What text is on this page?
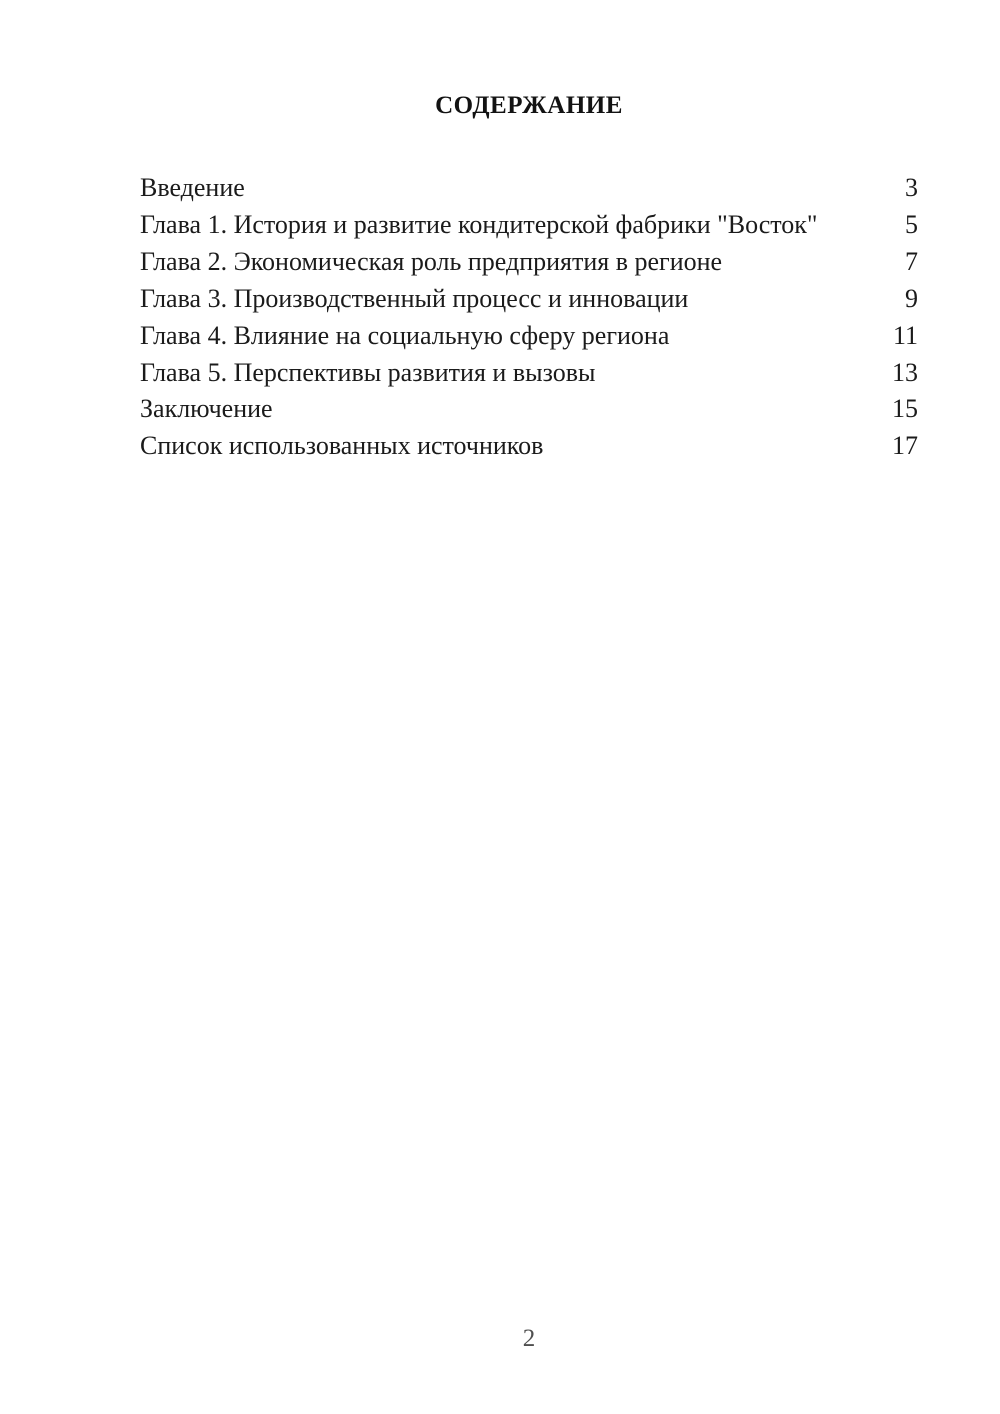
СОДЕРЖАНИЕ
Введение	3
Глава 1. История и развитие кондитерской фабрики "Восток"	5
Глава 2. Экономическая роль предприятия в регионе	7
Глава 3. Производственный процесс и инновации	9
Глава 4. Влияние на социальную сферу региона	11
Глава 5. Перспективы развития и вызовы	13
Заключение	15
Список использованных источников	17
2
